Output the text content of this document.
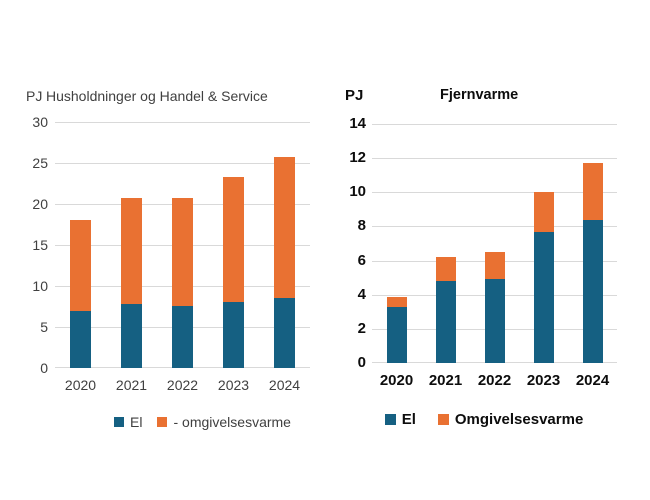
PJ Husholdninger og Handel & Service
0
5
10
15
20
25
30
2020	2021	2022	2023	2024
El - omgivelsesvarme
PJ	Fjernvarme
0
2
4
6
8
10
12
14
2020	2021	2022	2023	2024
El	Omgivelsesvarme
